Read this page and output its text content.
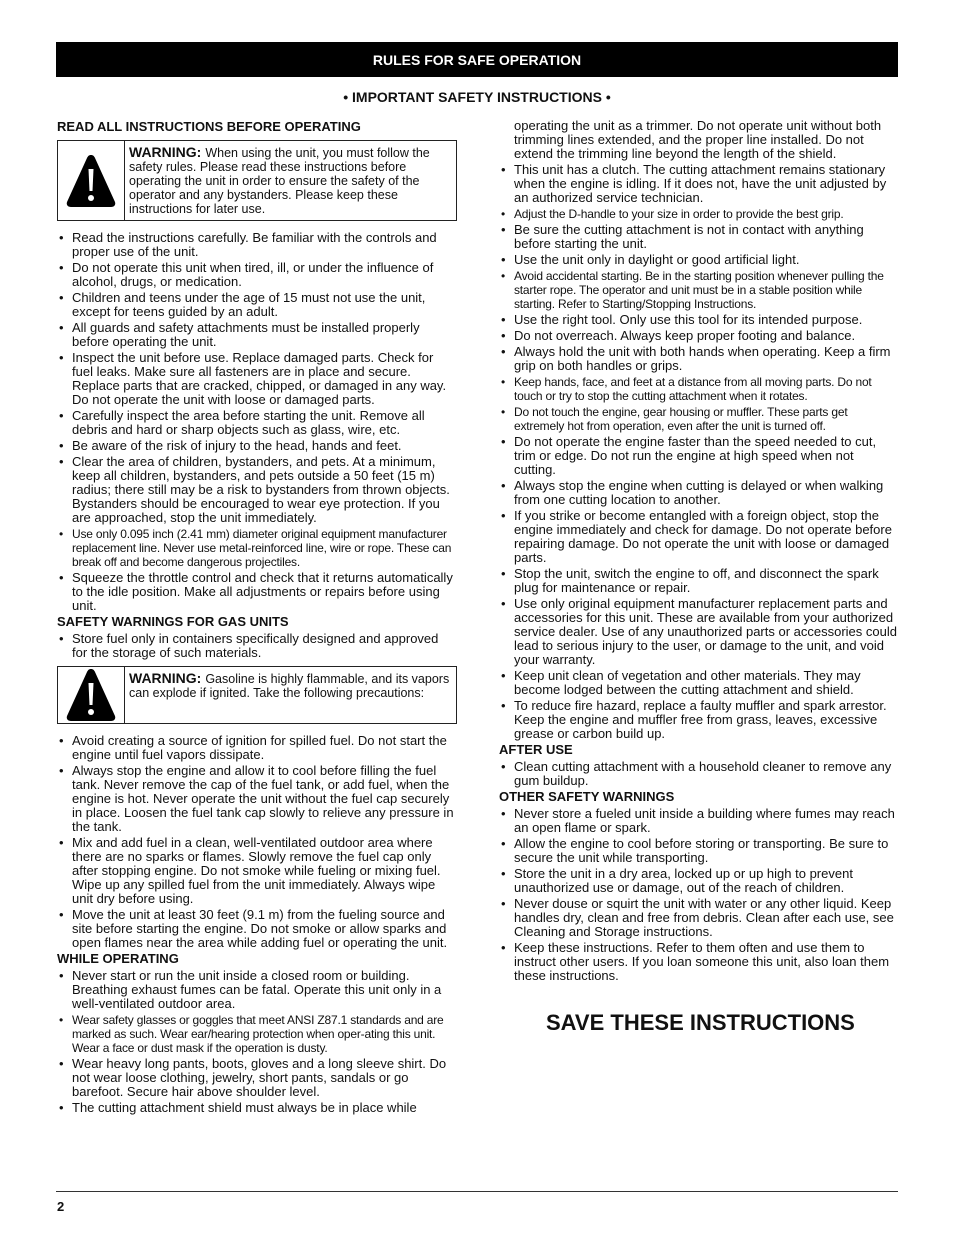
RULES FOR SAFE OPERATION
• IMPORTANT SAFETY INSTRUCTIONS •
READ ALL INSTRUCTIONS BEFORE OPERATING
WARNING: When using the unit, you must follow the safety rules. Please read these instructions before operating the unit in order to ensure the safety of the operator and any bystanders. Please keep these instructions for later use.
• Read the instructions carefully. Be familiar with the controls and proper use of the unit.
• Do not operate this unit when tired, ill, or under the influence of alcohol, drugs, or medication.
• Children and teens under the age of 15 must not use the unit, except for teens guided by an adult.
• All guards and safety attachments must be installed properly before operating the unit.
• Inspect the unit before use. Replace damaged parts. Check for fuel leaks. Make sure all fasteners are in place and secure. Replace parts that are cracked, chipped, or damaged in any way. Do not operate the unit with loose or damaged parts.
• Carefully inspect the area before starting the unit. Remove all debris and hard or sharp objects such as glass, wire, etc.
• Be aware of the risk of injury to the head, hands and feet.
• Clear the area of children, bystanders, and pets. At a minimum, keep all children, bystanders, and pets outside a 50 feet (15 m) radius; there still may be a risk to bystanders from thrown objects. Bystanders should be encouraged to wear eye protection. If you are approached, stop the unit immediately.
• Use only 0.095 inch (2.41 mm) diameter original equipment manufacturer replacement line. Never use metal-reinforced line, wire or rope. These can break off and become dangerous projectiles.
• Squeeze the throttle control and check that it returns automatically to the idle position. Make all adjustments or repairs before using unit.
SAFETY WARNINGS FOR GAS UNITS
• Store fuel only in containers specifically designed and approved for the storage of such materials.
WARNING: Gasoline is highly flammable, and its vapors can explode if ignited. Take the following precautions:
• Avoid creating a source of ignition for spilled fuel. Do not start the engine until fuel vapors dissipate.
• Always stop the engine and allow it to cool before filling the fuel tank. Never remove the cap of the fuel tank, or add fuel, when the engine is hot. Never operate the unit without the fuel cap securely in place. Loosen the fuel tank cap slowly to relieve any pressure in the tank.
• Mix and add fuel in a clean, well-ventilated outdoor area where there are no sparks or flames. Slowly remove the fuel cap only after stopping engine. Do not smoke while fueling or mixing fuel. Wipe up any spilled fuel from the unit immediately. Always wipe unit dry before using.
• Move the unit at least 30 feet (9.1 m) from the fueling source and site before starting the engine. Do not smoke or allow sparks and open flames near the area while adding fuel or operating the unit.
WHILE OPERATING
• Never start or run the unit inside a closed room or building. Breathing exhaust fumes can be fatal. Operate this unit only in a well-ventilated outdoor area.
• Wear safety glasses or goggles that meet ANSI Z87.1 standards and are marked as such. Wear ear/hearing protection when oper-ating this unit. Wear a face or dust mask if the operation is dusty.
• Wear heavy long pants, boots, gloves and a long sleeve shirt. Do not wear loose clothing, jewelry, short pants, sandals or go barefoot. Secure hair above shoulder level.
• The cutting attachment shield must always be in place while
operating the unit as a trimmer. Do not operate unit without both trimming lines extended, and the proper line installed. Do not extend the trimming line beyond the length of the shield.
• This unit has a clutch. The cutting attachment remains stationary when the engine is idling. If it does not, have the unit adjusted by an authorized service technician.
• Adjust the D-handle to your size in order to provide the best grip.
• Be sure the cutting attachment is not in contact with anything before starting the unit.
• Use the unit only in daylight or good artificial light.
• Avoid accidental starting. Be in the starting position whenever pulling the starter rope. The operator and unit must be in a stable position while starting. Refer to Starting/Stopping Instructions.
• Use the right tool. Only use this tool for its intended purpose.
• Do not overreach. Always keep proper footing and balance.
• Always hold the unit with both hands when operating. Keep a firm grip on both handles or grips.
• Keep hands, face, and feet at a distance from all moving parts. Do not touch or try to stop the cutting attachment when it rotates.
• Do not touch the engine, gear housing or muffler. These parts get extremely hot from operation, even after the unit is turned off.
• Do not operate the engine faster than the speed needed to cut, trim or edge. Do not run the engine at high speed when not cutting.
• Always stop the engine when cutting is delayed or when walking from one cutting location to another.
• If you strike or become entangled with a foreign object, stop the engine immediately and check for damage. Do not operate before repairing damage. Do not operate the unit with loose or damaged parts.
• Stop the unit, switch the engine to off, and disconnect the spark plug for maintenance or repair.
• Use only original equipment manufacturer replacement parts and accessories for this unit. These are available from your authorized service dealer. Use of any unauthorized parts or accessories could lead to serious injury to the user, or damage to the unit, and void your warranty.
• Keep unit clean of vegetation and other materials. They may become lodged between the cutting attachment and shield.
• To reduce fire hazard, replace a faulty muffler and spark arrestor. Keep the engine and muffler free from grass, leaves, excessive grease or carbon build up.
AFTER USE
• Clean cutting attachment with a household cleaner to remove any gum buildup.
OTHER SAFETY WARNINGS
• Never store a fueled unit inside a building where fumes may reach an open flame or spark.
• Allow the engine to cool before storing or transporting. Be sure to secure the unit while transporting.
• Store the unit in a dry area, locked up or up high to prevent unauthorized use or damage, out of the reach of children.
• Never douse or squirt the unit with water or any other liquid. Keep handles dry, clean and free from debris. Clean after each use, see Cleaning and Storage instructions.
• Keep these instructions. Refer to them often and use them to instruct other users. If you loan someone this unit, also loan them these instructions.
SAVE THESE INSTRUCTIONS
2
